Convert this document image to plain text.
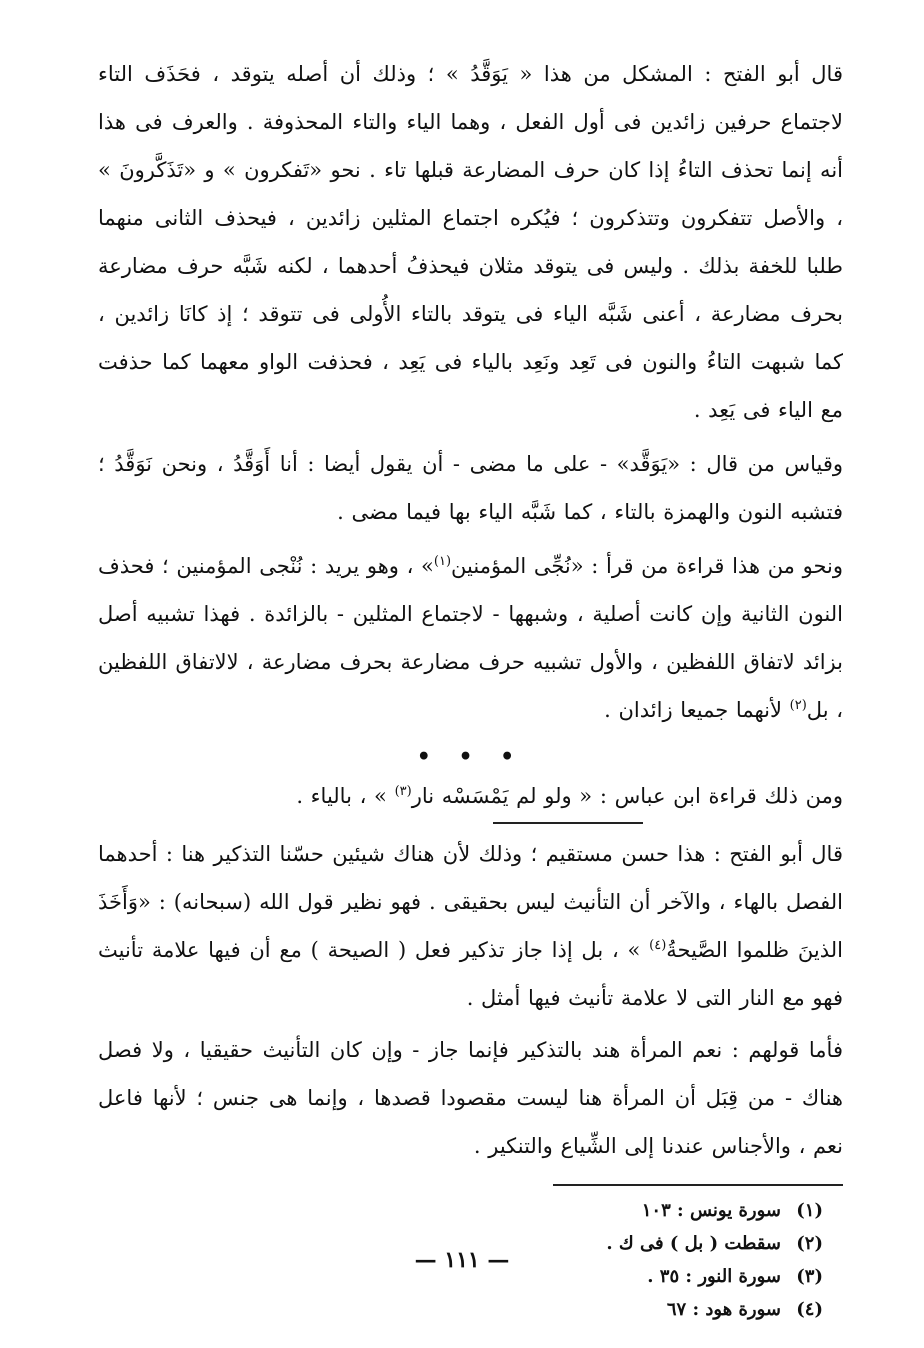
قال أبو الفتح : المشكل من هذا « يَوَقَّدُ » ؛ وذلك أن أصله يتوقد ، فحَذَف التاء لاجتماع حرفين زائدين فى أول الفعل ، وهما الياء والتاء المحذوفة . والعرف فى هذا أنه إنما تحذف التاءُ إذا كان حرف المضارعة قبلها تاء . نحو «تَفكرون » و «تَذَكَّرونَ » ، والأصل تتفكرون وتتذكرون ؛ فيُكره اجتماع المثلين زائدين ، فيحذف الثانى منهما طلبا للخفة بذلك . وليس فى يتوقد مثلان فيحذفُ أحدهما ، لكنه شَبَّه حرف مضارعة بحرف مضارعة ، أعنى شَبَّه الياء فى يتوقد بالتاء الأُولى فى تتوقد ؛ إذ كانَا زائدين ، كما شبهت التاءُ والنون فى تَعِد ونَعِد بالياء فى يَعِد ، فحذفت الواو معهما كما حذفت مع الياء فى يَعِد .

وقياس من قال : «يَوَقَّد» - على ما مضى - أن يقول أيضا : أنا أَوَقَّدُ ، ونحن نَوَقَّدُ ؛ فتشبه النون والهمزة بالتاء ، كما شَبَّه الياء بها فيما مضى .

ونحو من هذا قراءة من قرأ : «نُجِّى المؤمنين$^{(١)}$» ، وهو يريد : نُنْجى المؤمنين ؛ فحذف النون الثانية وإن كانت أصلية ، وشبهها - لاجتماع المثلين - بالزائدة . فهذا تشبيه أصل بزائد لاتفاق اللفظين ، والأول تشبيه حرف مضارعة بحرف مضارعة ، لالاتفاق اللفظين ، بل$^{(٢)}$ لأنهما جميعا زائدان .

• • •

ومن ذلك قراءة ابن عباس : « ولو لم يَمْسَسْه نار$^{(٣)}$ » ، بالياء .

قال أبو الفتح : هذا حسن مستقيم ؛ وذلك لأن هناك شيئين حسّنا التذكير هنا : أحدهما الفصل بالهاء ، والآخر أن التأنيث ليس بحقيقى . فهو نظير قول الله (سبحانه) : «وَأَخَذَ الذينَ ظلموا الصَّيحةُ$^{(٤)}$ » ، بل إذا جاز تذكير فعل ( الصيحة ) مع أن فيها علامة تأنيث فهو مع النار التى لا علامة تأنيث فيها أمثل .

فأما قولهم : نعم المرأة هند بالتذكير فإنما جاز - وإن كان التأنيث حقيقيا ، ولا فصل هناك - من قِبَل أن المرأة هنا ليست مقصودا قصدها ، وإنما هى جنس ؛ لأنها فاعل نعم ، والأجناس عندنا إلى الشِّياع والتنكير .

(١)سورة يونس : ١٠٣
(٢)سقطت ( بل ) فى ك .
(٣)سورة النور : ٣٥ .
(٤)سورة هود : ٦٧
— ١١١ —
